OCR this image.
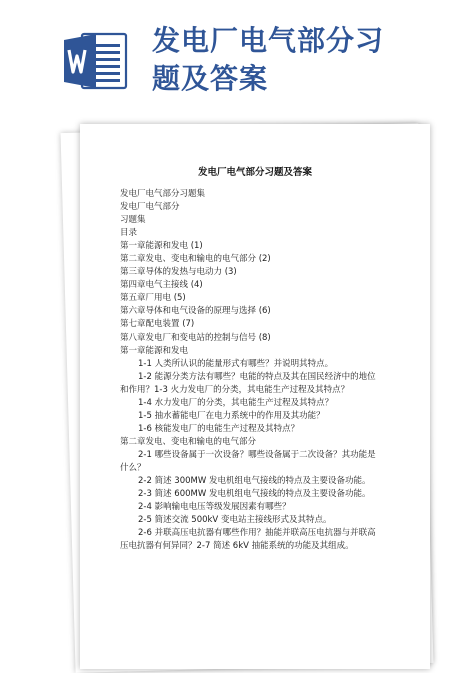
发电厂电气部分习
题及答案
发电厂电气部分习题及答案
发电厂电气部分习题集
发电厂电气部分
习题集
目录
第一章能源和发电 (1)
第二章发电、变电和输电的电气部分 (2)
第三章导体的发热与电动力 (3)
第四章电气主接线 (4)
第五章厂用电 (5)
第六章导体和电气设备的原理与选择 (6)
第七章配电装置 (7)
第八章发电厂和变电站的控制与信号 (8)
第一章能源和发电
1-1 人类所认识的能量形式有哪些？并说明其特点。
1-2 能源分类方法有哪些？电能的特点及其在国民经济中的地位
和作用？1-3 火力发电厂的分类，其电能生产过程及其特点？
1-4 水力发电厂的分类，其电能生产过程及其特点？
1-5 抽水蓄能电厂在电力系统中的作用及其功能？
1-6 核能发电厂的电能生产过程及其特点？
第二章发电、变电和输电的电气部分
2-1 哪些设备属于一次设备？哪些设备属于二次设备？其功能是
什么？
2-2 简述 300MW 发电机组电气接线的特点及主要设备功能。
2-3 简述 600MW 发电机组电气接线的特点及主要设备功能。
2-4 影响输电电压等级发展因素有哪些？
2-5 简述交流 500kV 变电站主接线形式及其特点。
2-6 并联高压电抗器有哪些作用？抽能并联高压电抗器与并联高
压电抗器有何异同？2-7 简述 6kV 抽能系统的功能及其组成。
